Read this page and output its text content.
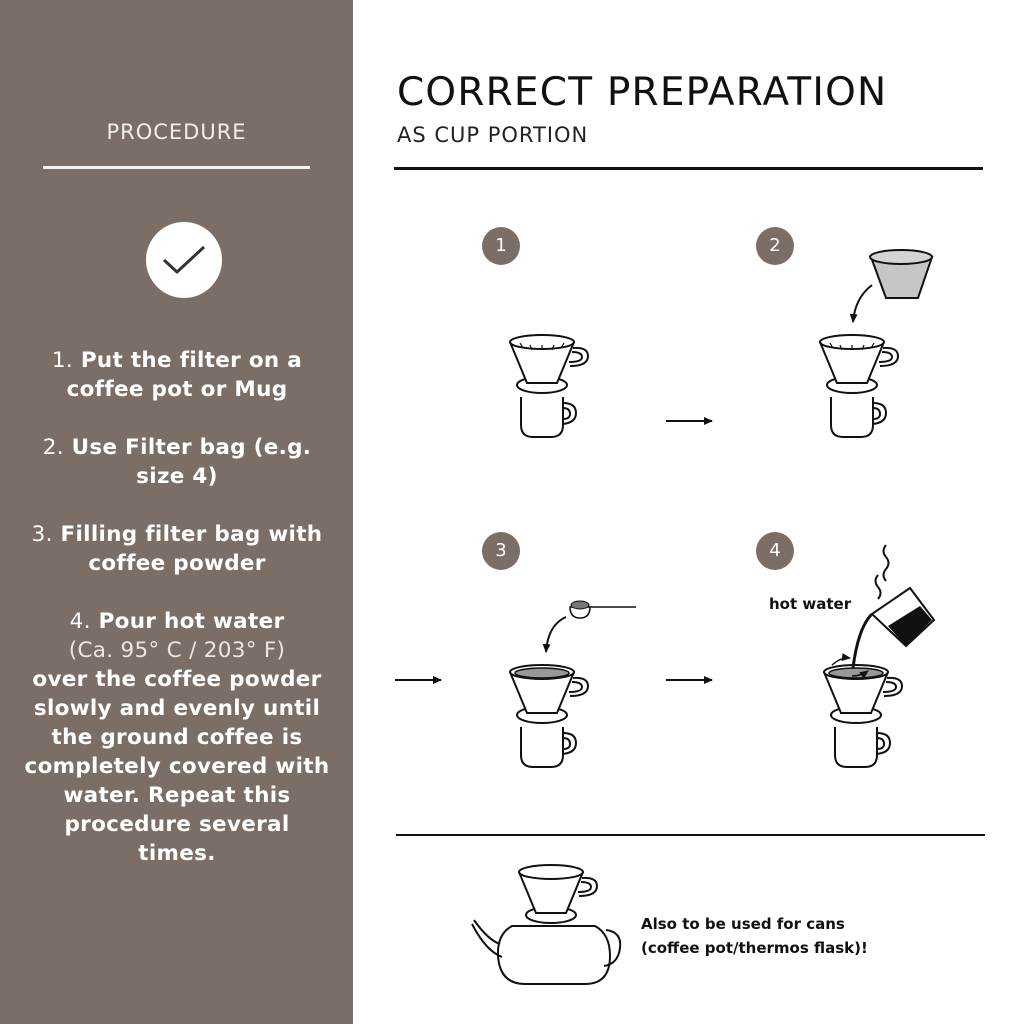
PROCEDURE
1. Put the filter on a coffee pot or Mug
2. Use Filter bag (e.g. size 4)
3. Filling filter bag with coffee powder
4. Pour hot water
(Ca. 95° C / 203° F)
over the coffee powder slowly and evenly until the ground coffee is completely covered with water. Repeat this procedure several times.
CORRECT PREPARATION
AS CUP PORTION
1	2
3	4
hot water
Also to be used for cans
(coffee pot/thermos flask)!
